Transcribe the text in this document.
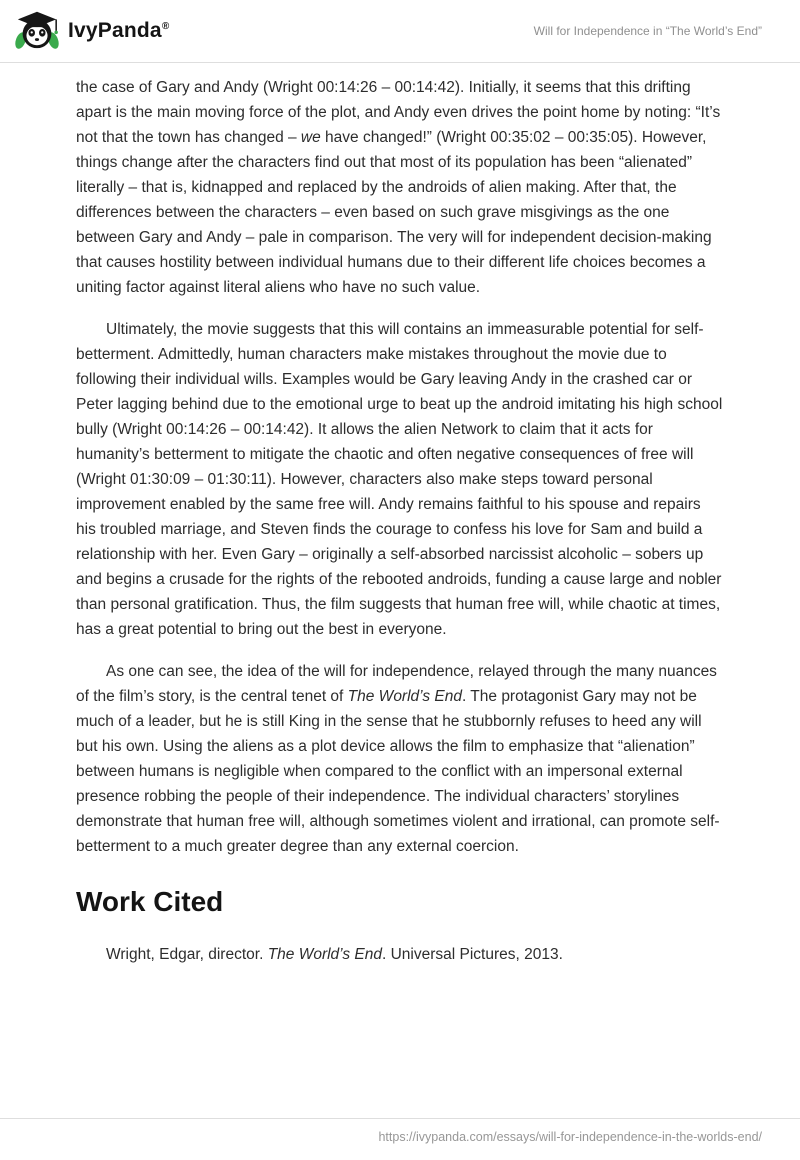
IvyPanda®	Will for Independence in “The World’s End”

the case of Gary and Andy (Wright 00:14:26 – 00:14:42). Initially, it seems that this drifting apart is the main moving force of the plot, and Andy even drives the point home by noting: “It’s not that the town has changed – we have changed!” (Wright 00:35:02 – 00:35:05). However, things change after the characters find out that most of its population has been “alienated” literally – that is, kidnapped and replaced by the androids of alien making. After that, the differences between the characters – even based on such grave misgivings as the one between Gary and Andy – pale in comparison. The very will for independent decision-making that causes hostility between individual humans due to their different life choices becomes a uniting factor against literal aliens who have no such value.

Ultimately, the movie suggests that this will contains an immeasurable potential for self-betterment. Admittedly, human characters make mistakes throughout the movie due to following their individual wills. Examples would be Gary leaving Andy in the crashed car or Peter lagging behind due to the emotional urge to beat up the android imitating his high school bully (Wright 00:14:26 – 00:14:42). It allows the alien Network to claim that it acts for humanity’s betterment to mitigate the chaotic and often negative consequences of free will (Wright 01:30:09 – 01:30:11). However, characters also make steps toward personal improvement enabled by the same free will. Andy remains faithful to his spouse and repairs his troubled marriage, and Steven finds the courage to confess his love for Sam and build a relationship with her. Even Gary – originally a self-absorbed narcissist alcoholic – sobers up and begins a crusade for the rights of the rebooted androids, funding a cause large and nobler than personal gratification. Thus, the film suggests that human free will, while chaotic at times, has a great potential to bring out the best in everyone.

As one can see, the idea of the will for independence, relayed through the many nuances of the film’s story, is the central tenet of The World’s End. The protagonist Gary may not be much of a leader, but he is still King in the sense that he stubbornly refuses to heed any will but his own. Using the aliens as a plot device allows the film to emphasize that “alienation” between humans is negligible when compared to the conflict with an impersonal external presence robbing the people of their independence. The individual characters’ storylines demonstrate that human free will, although sometimes violent and irrational, can promote self-betterment to a much greater degree than any external coercion.

Work Cited

Wright, Edgar, director. The World’s End. Universal Pictures, 2013.

https://ivypanda.com/essays/will-for-independence-in-the-worlds-end/
